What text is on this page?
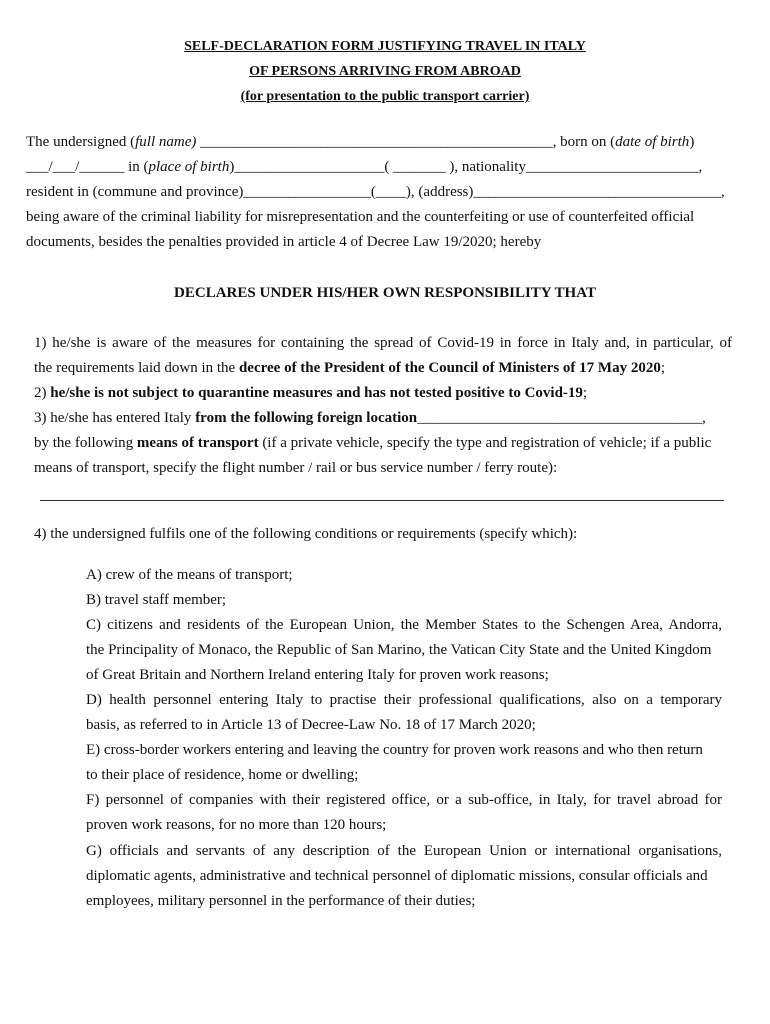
SELF-DECLARATION FORM JUSTIFYING TRAVEL IN ITALY
OF PERSONS ARRIVING FROM ABROAD
(for presentation to the public transport carrier)
The undersigned (full name) _______________________________________________, born on (date of birth)
___/___/______ in (place of birth)____________________( _______ ), nationality_______________________,
resident in (commune and province)_________________(____), (address)_________________________________,
being aware of the criminal liability for misrepresentation and the counterfeiting or use of counterfeited official
documents, besides the penalties provided in article 4 of Decree Law 19/2020; hereby
DECLARES UNDER HIS/HER OWN RESPONSIBILITY THAT
1) he/she is aware of the measures for containing the spread of Covid-19 in force in Italy and, in particular, of
the requirements laid down in the decree of the President of the Council of Ministers of 17 May 2020;
2) he/she is not subject to quarantine measures and has not tested positive to Covid-19;
3) he/she has entered Italy from the following foreign location______________________________________,
by the following means of transport (if a private vehicle, specify the type and registration of vehicle; if a public
means of transport, specify the flight number / rail or bus service number / ferry route):
4) the undersigned fulfils one of the following conditions or requirements (specify which):
A) crew of the means of transport;
B) travel staff member;
C) citizens and residents of the European Union, the Member States to the Schengen Area, Andorra,
the Principality of Monaco, the Republic of San Marino, the Vatican City State and the United Kingdom
of Great Britain and Northern Ireland entering Italy for proven work reasons;
D) health personnel entering Italy to practise their professional qualifications, also on a temporary
basis, as referred to in Article 13 of Decree-Law No. 18 of 17 March 2020;
E) cross-border workers entering and leaving the country for proven work reasons and who then return
to their place of residence, home or dwelling;
F) personnel of companies with their registered office, or a sub-office, in Italy, for travel abroad for
proven work reasons, for no more than 120 hours;
G) officials and servants of any description of the European Union or international organisations,
diplomatic agents, administrative and technical personnel of diplomatic missions, consular officials and
employees, military personnel in the performance of their duties;
